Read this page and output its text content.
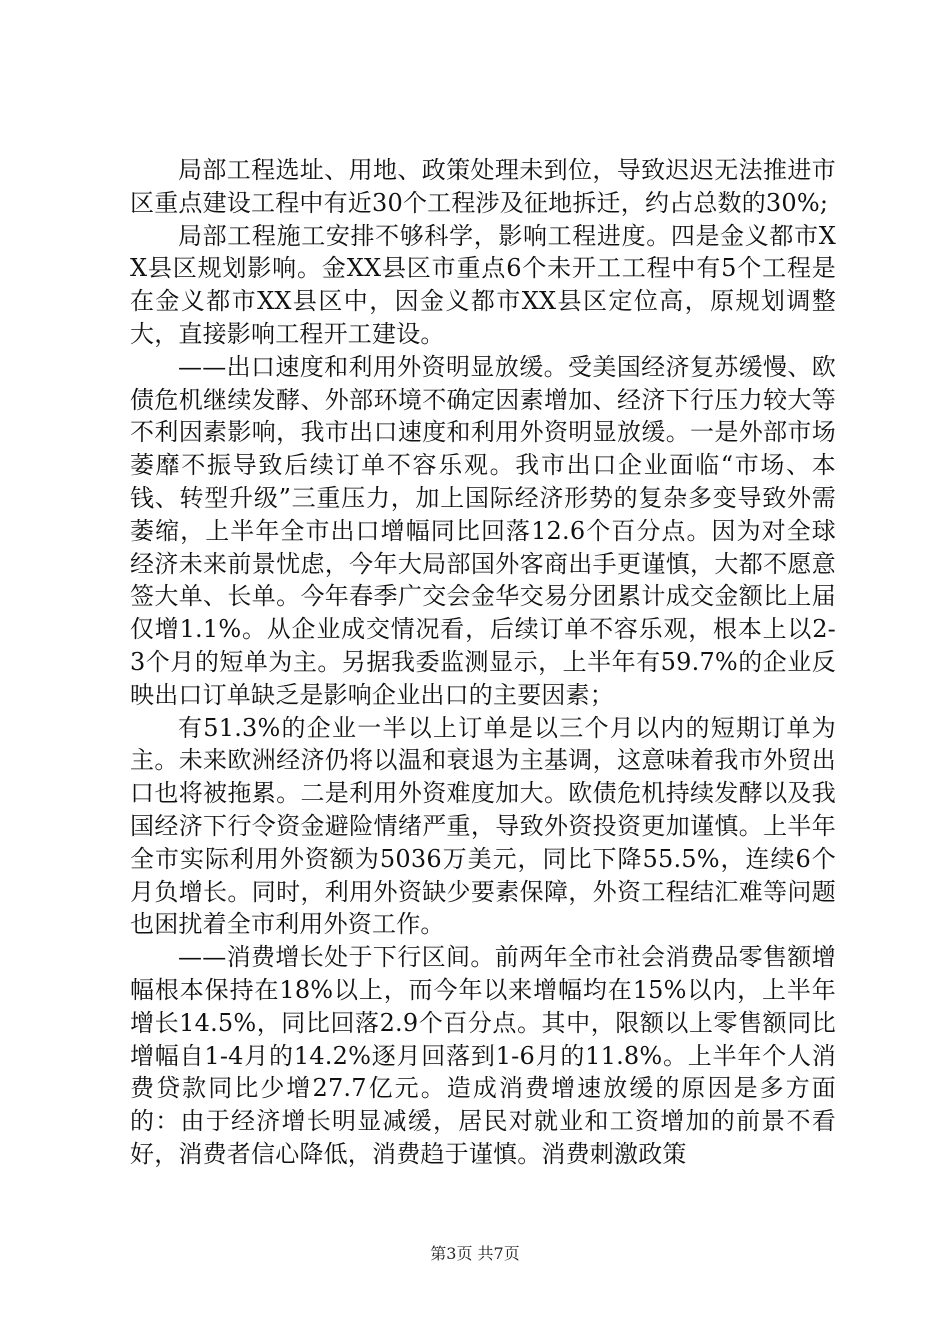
局部工程选址、用地、政策处理未到位，导致迟迟无法推进市区重点建设工程中有近30个工程涉及征地拆迁，约占总数的30%;

局部工程施工安排不够科学，影响工程进度。四是金义都市XX县区规划影响。金XX县区市重点6个未开工工程中有5个工程是在金义都市XX县区中，因金义都市XX县区定位高，原规划调整大，直接影响工程开工建设。

——出口速度和利用外资明显放缓。受美国经济复苏缓慢、欧债危机继续发酵、外部环境不确定因素增加、经济下行压力较大等不利因素影响，我市出口速度和利用外资明显放缓。一是外部市场萎靡不振导致后续订单不容乐观。我市出口企业面临“市场、本钱、转型升级”三重压力，加上国际经济形势的复杂多变导致外需萎缩，上半年全市出口增幅同比回落12.6个百分点。因为对全球经济未来前景忧虑，今年大局部国外客商出手更谨慎，大都不愿意签大单、长单。今年春季广交会金华交易分团累计成交金额比上届仅增1.1%。从企业成交情况看，后续订单不容乐观，根本上以2-3个月的短单为主。另据我委监测显示，上半年有59.7%的企业反映出口订单缺乏是影响企业出口的主要因素；

有51.3%的企业一半以上订单是以三个月以内的短期订单为主。未来欧洲经济仍将以温和衰退为主基调，这意味着我市外贸出口也将被拖累。二是利用外资难度加大。欧债危机持续发酵以及我国经济下行令资金避险情绪严重，导致外资投资更加谨慎。上半年全市实际利用外资额为5036万美元，同比下降55.5%，连续6个月负增长。同时，利用外资缺少要素保障，外资工程结汇难等问题也困扰着全市利用外资工作。

——消费增长处于下行区间。前两年全市社会消费品零售额增幅根本保持在18%以上，而今年以来增幅均在15%以内，上半年增长14.5%，同比回落2.9个百分点。其中，限额以上零售额同比增幅自1-4月的14.2%逐月回落到1-6月的11.8%。上半年个人消费贷款同比少增27.7亿元。造成消费增速放缓的原因是多方面的：由于经济增长明显减缓，居民对就业和工资增加的前景不看好，消费者信心降低，消费趋于谨慎。消费刺激政策

第3页 共7页
